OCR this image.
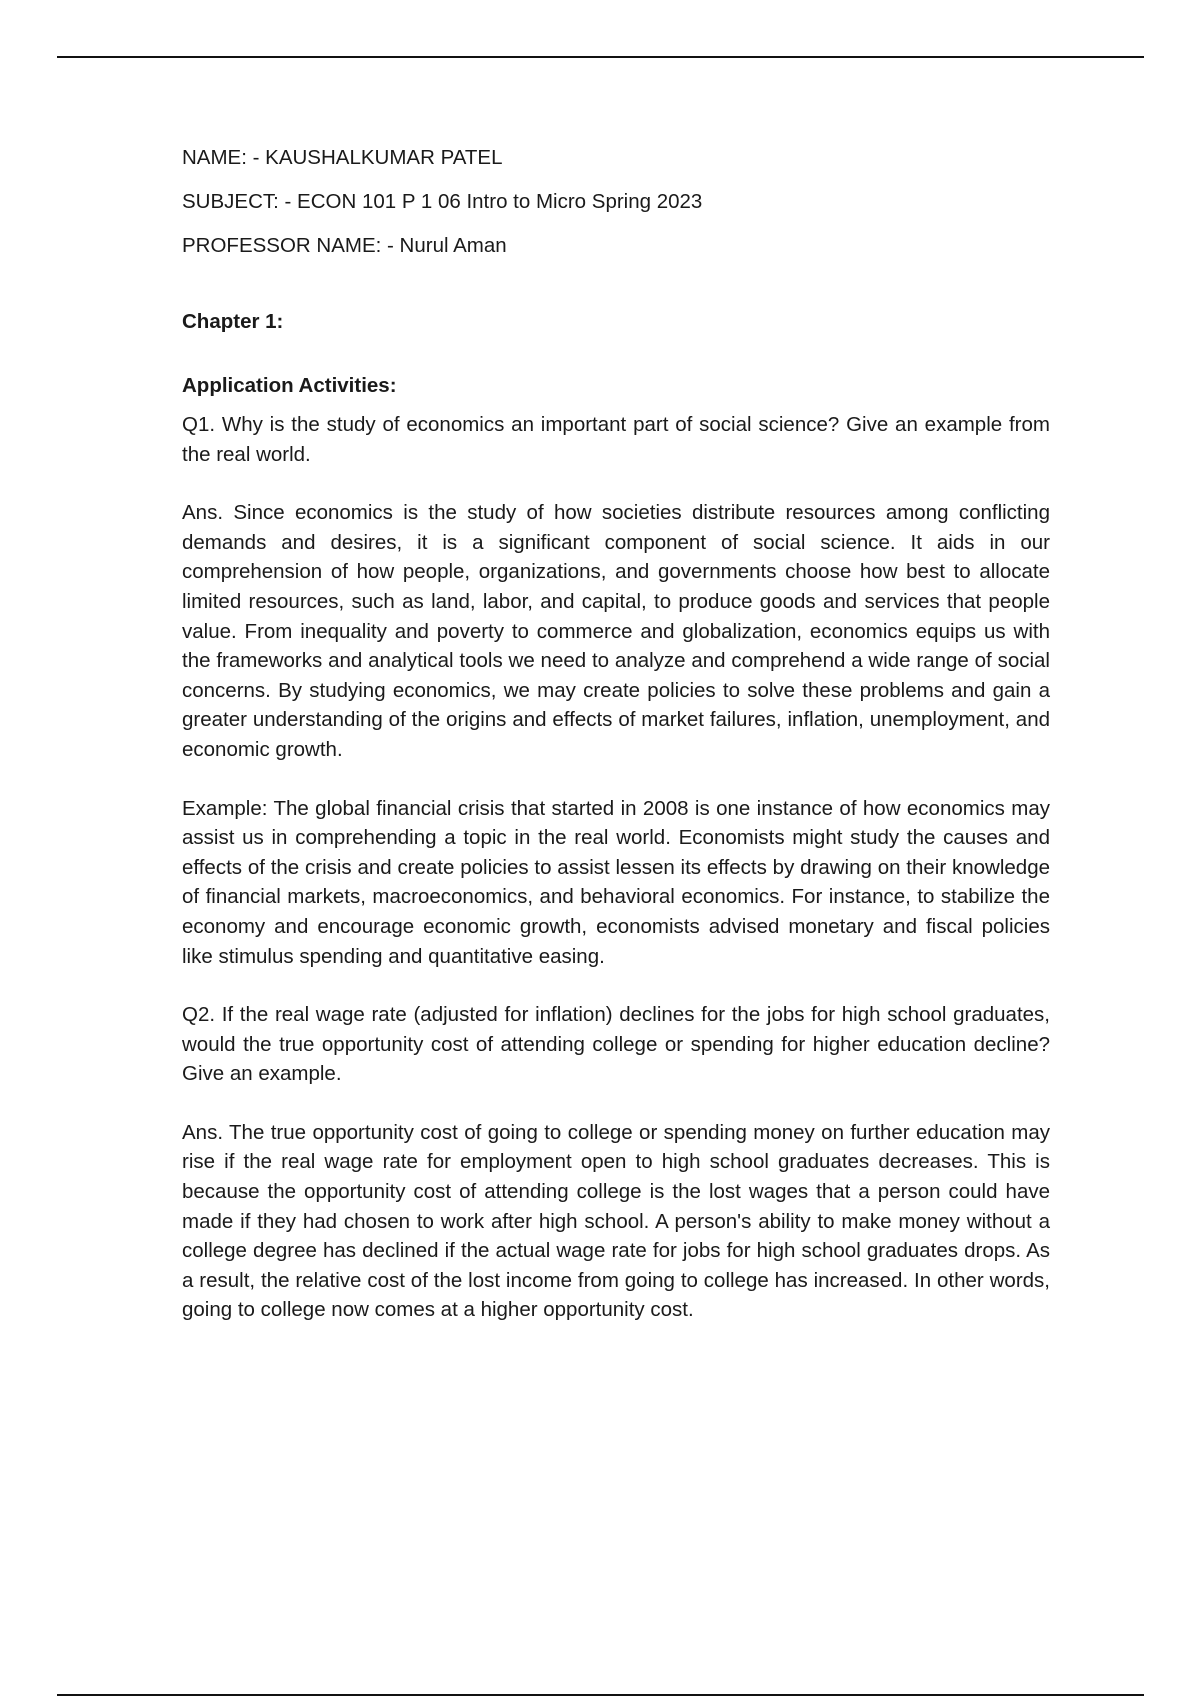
NAME: - KAUSHALKUMAR PATEL

SUBJECT: - ECON 101 P 1 06 Intro to Micro Spring 2023

PROFESSOR NAME: - Nurul Aman

Chapter 1:

Application Activities:

Q1. Why is the study of economics an important part of social science? Give an example from the real world.

Ans. Since economics is the study of how societies distribute resources among conflicting demands and desires, it is a significant component of social science. It aids in our comprehension of how people, organizations, and governments choose how best to allocate limited resources, such as land, labor, and capital, to produce goods and services that people value. From inequality and poverty to commerce and globalization, economics equips us with the frameworks and analytical tools we need to analyze and comprehend a wide range of social concerns. By studying economics, we may create policies to solve these problems and gain a greater understanding of the origins and effects of market failures, inflation, unemployment, and economic growth.

Example: The global financial crisis that started in 2008 is one instance of how economics may assist us in comprehending a topic in the real world. Economists might study the causes and effects of the crisis and create policies to assist lessen its effects by drawing on their knowledge of financial markets, macroeconomics, and behavioral economics. For instance, to stabilize the economy and encourage economic growth, economists advised monetary and fiscal policies like stimulus spending and quantitative easing.

Q2. If the real wage rate (adjusted for inflation) declines for the jobs for high school graduates, would the true opportunity cost of attending college or spending for higher education decline? Give an example.

Ans. The true opportunity cost of going to college or spending money on further education may rise if the real wage rate for employment open to high school graduates decreases. This is because the opportunity cost of attending college is the lost wages that a person could have made if they had chosen to work after high school. A person's ability to make money without a college degree has declined if the actual wage rate for jobs for high school graduates drops. As a result, the relative cost of the lost income from going to college has increased. In other words, going to college now comes at a higher opportunity cost.
